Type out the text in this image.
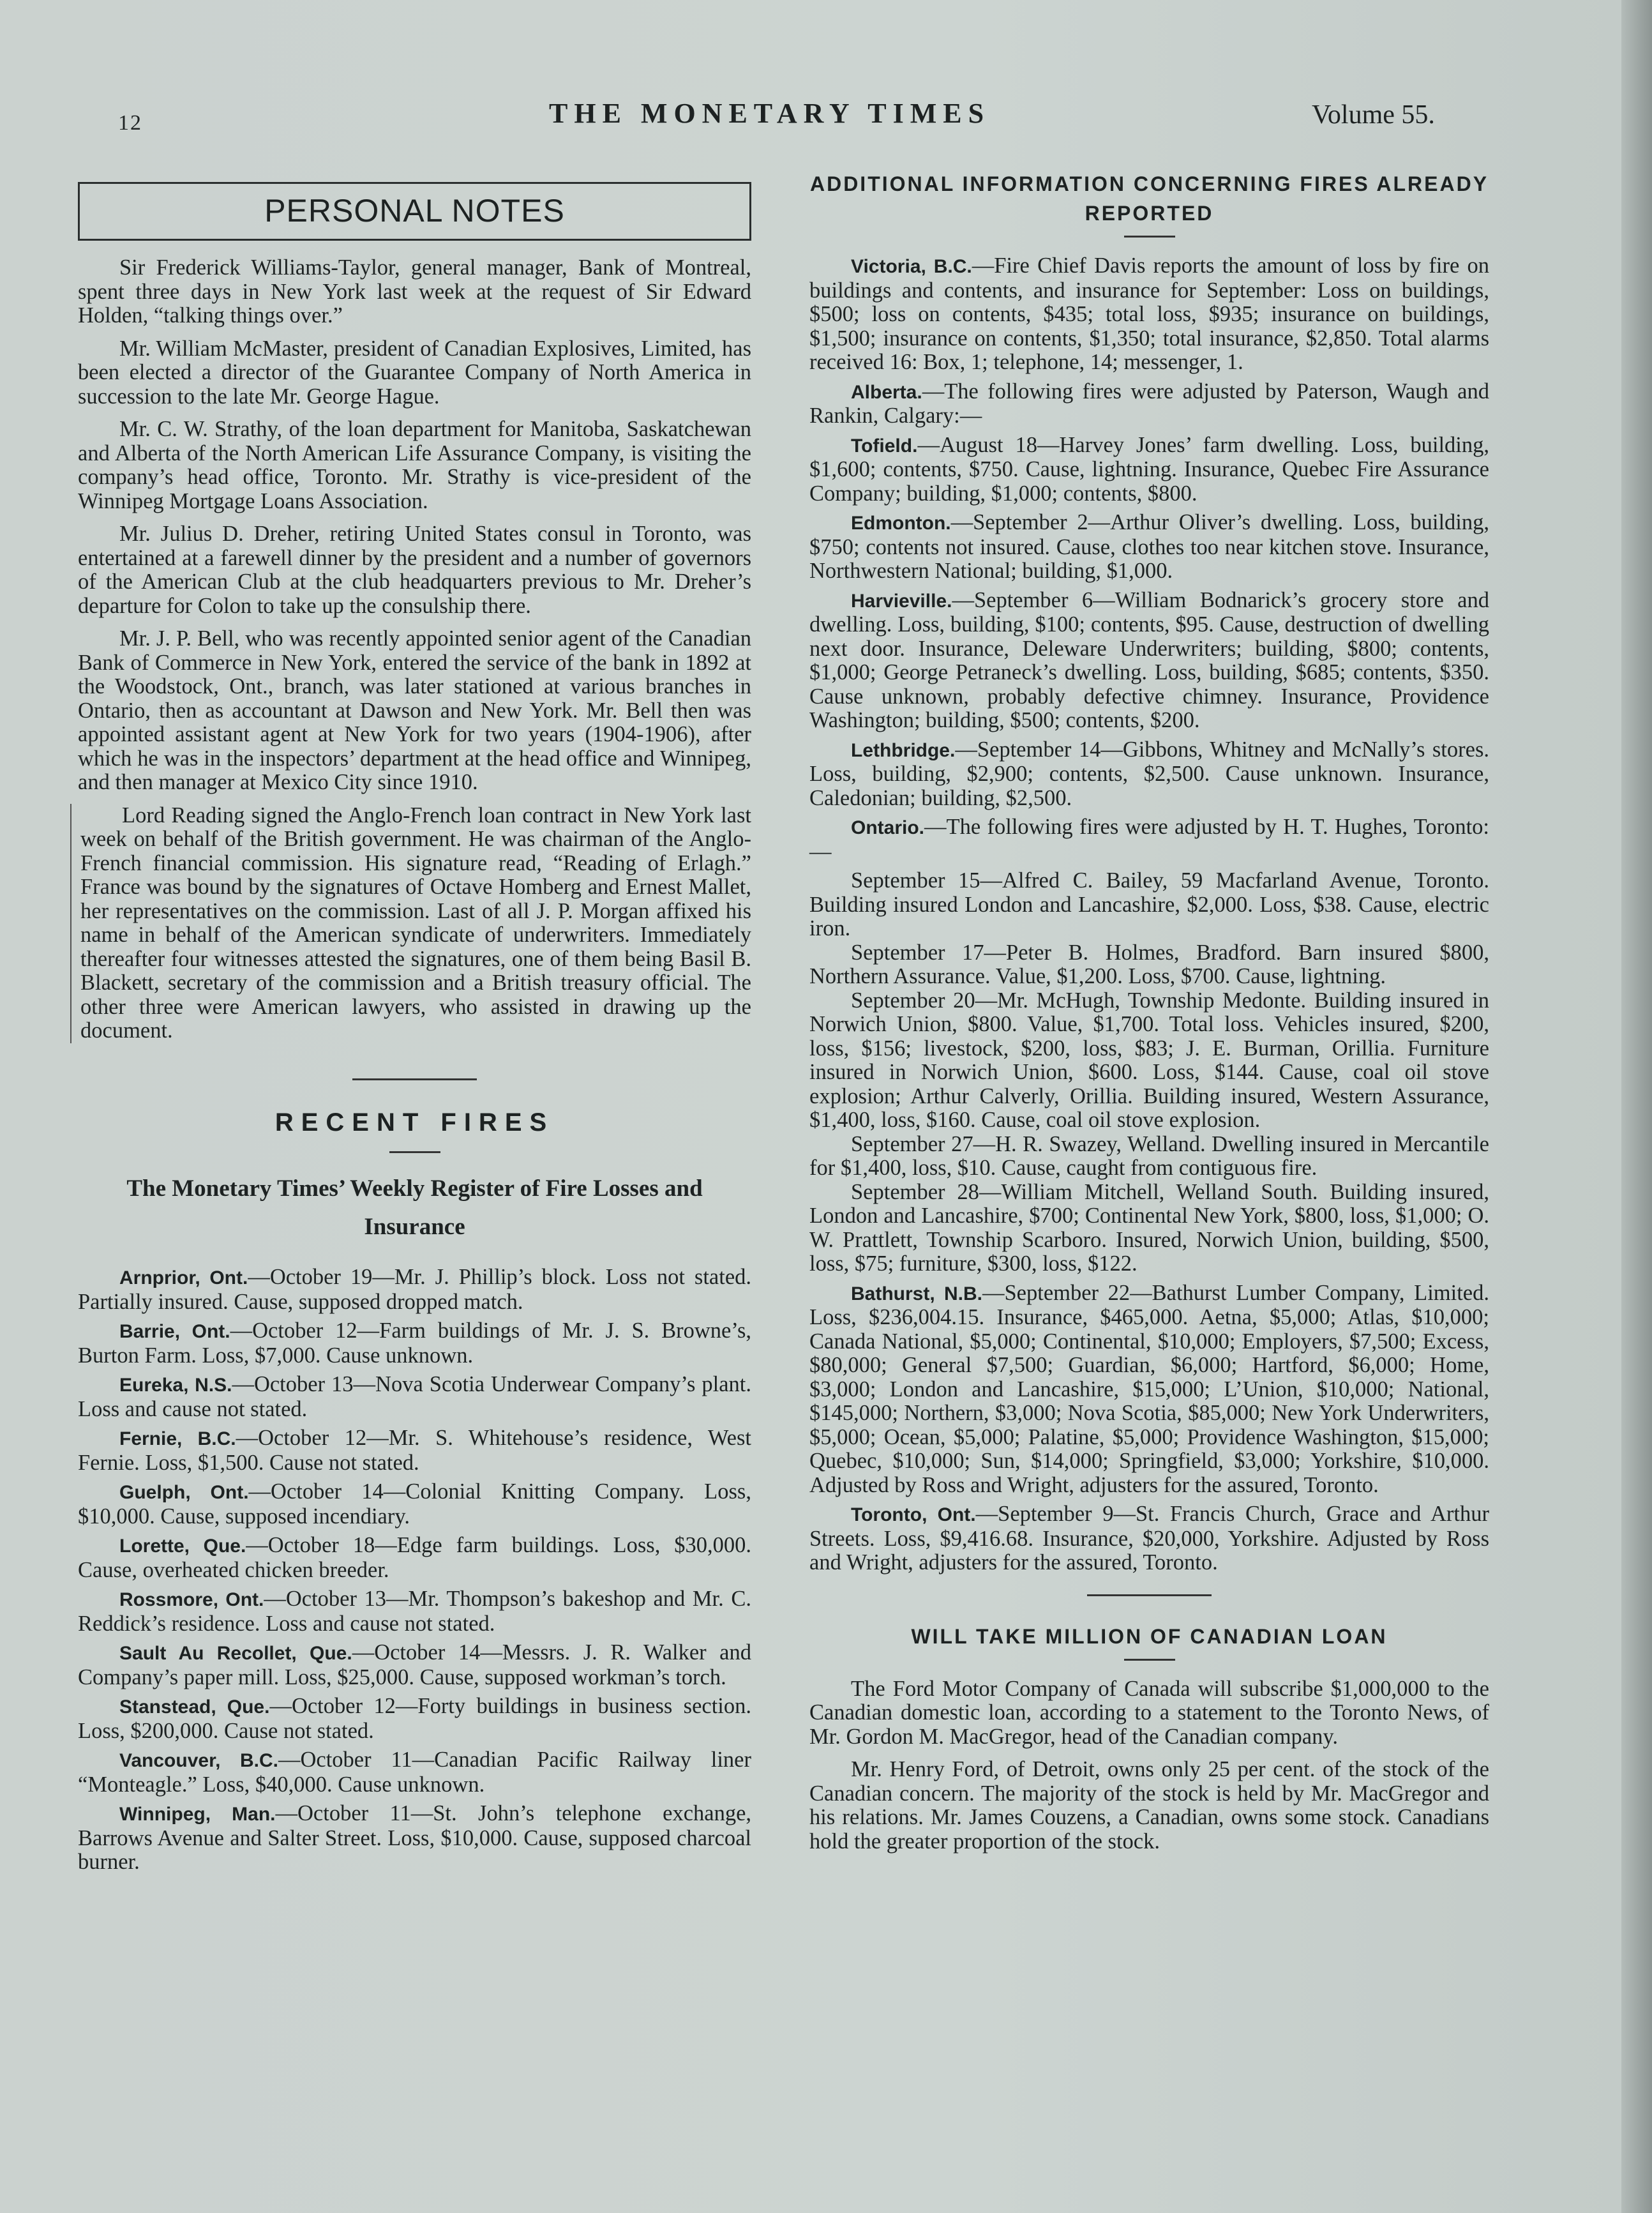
12	THE MONETARY TIMES	Volume 55.
PERSONAL NOTES

Sir Frederick Williams-Taylor, general manager, Bank of Montreal, spent three days in New York last week at the request of Sir Edward Holden, “talking things over.”

Mr. William McMaster, president of Canadian Explosives, Limited, has been elected a director of the Guarantee Company of North America in succession to the late Mr. George Hague.

Mr. C. W. Strathy, of the loan department for Manitoba, Saskatchewan and Alberta of the North American Life Assurance Company, is visiting the company’s head office, Toronto. Mr. Strathy is vice-president of the Winnipeg Mortgage Loans Association.

Mr. Julius D. Dreher, retiring United States consul in Toronto, was entertained at a farewell dinner by the president and a number of governors of the American Club at the club headquarters previous to Mr. Dreher’s departure for Colon to take up the consulship there.

Mr. J. P. Bell, who was recently appointed senior agent of the Canadian Bank of Commerce in New York, entered the service of the bank in 1892 at the Woodstock, Ont., branch, was later stationed at various branches in Ontario, then as accountant at Dawson and New York. Mr. Bell then was appointed assistant agent at New York for two years (1904-1906), after which he was in the inspectors’ department at the head office and Winnipeg, and then manager at Mexico City since 1910.

Lord Reading signed the Anglo-French loan contract in New York last week on behalf of the British government. He was chairman of the Anglo-French financial commission. His signature read, “Reading of Erlagh.” France was bound by the signatures of Octave Homberg and Ernest Mallet, her representatives on the commission. Last of all J. P. Morgan affixed his name in behalf of the American syndicate of underwriters. Immediately thereafter four witnesses attested the signatures, one of them being Basil B. Blackett, secretary of the commission and a British treasury official. The other three were American lawyers, who assisted in drawing up the document.

RECENT FIRES
The Monetary Times’ Weekly Register of Fire Losses and Insurance
Arnprior, Ont.—October 19—Mr. J. Phillip’s block. Loss not stated. Partially insured. Cause, supposed dropped match.
Barrie, Ont.—October 12—Farm buildings of Mr. J. S. Browne’s, Burton Farm. Loss, $7,000. Cause unknown.
Eureka, N.S.—October 13—Nova Scotia Underwear Company’s plant. Loss and cause not stated.
Fernie, B.C.—October 12—Mr. S. Whitehouse’s residence, West Fernie. Loss, $1,500. Cause not stated.
Guelph, Ont.—October 14—Colonial Knitting Company. Loss, $10,000. Cause, supposed incendiary.
Lorette, Que.—October 18—Edge farm buildings. Loss, $30,000. Cause, overheated chicken breeder.
Rossmore, Ont.—October 13—Mr. Thompson’s bakeshop and Mr. C. Reddick’s residence. Loss and cause not stated.
Sault Au Recollet, Que.—October 14—Messrs. J. R. Walker and Company’s paper mill. Loss, $25,000. Cause, supposed workman’s torch.
Stanstead, Que.—October 12—Forty buildings in business section. Loss, $200,000. Cause not stated.
Vancouver, B.C.—October 11—Canadian Pacific Railway liner “Monteagle.” Loss, $40,000. Cause unknown.
Winnipeg, Man.—October 11—St. John’s telephone exchange, Barrows Avenue and Salter Street. Loss, $10,000. Cause, supposed charcoal burner.
ADDITIONAL INFORMATION CONCERNING FIRES ALREADY REPORTED
Victoria, B.C.—Fire Chief Davis reports the amount of loss by fire on buildings and contents, and insurance for September: Loss on buildings, $500; loss on contents, $435; total loss, $935; insurance on buildings, $1,500; insurance on contents, $1,350; total insurance, $2,850. Total alarms received 16: Box, 1; telephone, 14; messenger, 1.
Alberta.—The following fires were adjusted by Paterson, Waugh and Rankin, Calgary:—
Tofield.—August 18—Harvey Jones’ farm dwelling. Loss, building, $1,600; contents, $750. Cause, lightning. Insurance, Quebec Fire Assurance Company; building, $1,000; contents, $800.
Edmonton.—September 2—Arthur Oliver’s dwelling. Loss, building, $750; contents not insured. Cause, clothes too near kitchen stove. Insurance, Northwestern National; building, $1,000.
Harvieville.—September 6—William Bodnarick’s grocery store and dwelling. Loss, building, $100; contents, $95. Cause, destruction of dwelling next door. Insurance, Deleware Underwriters; building, $800; contents, $1,000; George Petraneck’s dwelling. Loss, building, $685; contents, $350. Cause unknown, probably defective chimney. Insurance, Providence Washington; building, $500; contents, $200.
Lethbridge.—September 14—Gibbons, Whitney and McNally’s stores. Loss, building, $2,900; contents, $2,500. Cause unknown. Insurance, Caledonian; building, $2,500.
Ontario.—The following fires were adjusted by H. T. Hughes, Toronto:—
September 15—Alfred C. Bailey, 59 Macfarland Avenue, Toronto. Building insured London and Lancashire, $2,000. Loss, $38. Cause, electric iron.
September 17—Peter B. Holmes, Bradford. Barn insured $800, Northern Assurance. Value, $1,200. Loss, $700. Cause, lightning.
September 20—Mr. McHugh, Township Medonte. Building insured in Norwich Union, $800. Value, $1,700. Total loss. Vehicles insured, $200, loss, $156; livestock, $200, loss, $83; J. E. Burman, Orillia. Furniture insured in Norwich Union, $600. Loss, $144. Cause, coal oil stove explosion; Arthur Calverly, Orillia. Building insured, Western Assurance, $1,400, loss, $160. Cause, coal oil stove explosion.
September 27—H. R. Swazey, Welland. Dwelling insured in Mercantile for $1,400, loss, $10. Cause, caught from contiguous fire.
September 28—William Mitchell, Welland South. Building insured, London and Lancashire, $700; Continental New York, $800, loss, $1,000; O. W. Prattlett, Township Scarboro. Insured, Norwich Union, building, $500, loss, $75; furniture, $300, loss, $122.
Bathurst, N.B.—September 22—Bathurst Lumber Company, Limited. Loss, $236,004.15. Insurance, $465,000. Aetna, $5,000; Atlas, $10,000; Canada National, $5,000; Continental, $10,000; Employers, $7,500; Excess, $80,000; General $7,500; Guardian, $6,000; Hartford, $6,000; Home, $3,000; London and Lancashire, $15,000; L’Union, $10,000; National, $145,000; Northern, $3,000; Nova Scotia, $85,000; New York Underwriters, $5,000; Ocean, $5,000; Palatine, $5,000; Providence Washington, $15,000; Quebec, $10,000; Sun, $14,000; Springfield, $3,000; Yorkshire, $10,000. Adjusted by Ross and Wright, adjusters for the assured, Toronto.
Toronto, Ont.—September 9—St. Francis Church, Grace and Arthur Streets. Loss, $9,416.68. Insurance, $20,000, Yorkshire. Adjusted by Ross and Wright, adjusters for the assured, Toronto.
WILL TAKE MILLION OF CANADIAN LOAN

The Ford Motor Company of Canada will subscribe $1,000,000 to the Canadian domestic loan, according to a statement to the Toronto News, of Mr. Gordon M. MacGregor, head of the Canadian company.

Mr. Henry Ford, of Detroit, owns only 25 per cent. of the stock of the Canadian concern. The majority of the stock is held by Mr. MacGregor and his relations. Mr. James Couzens, a Canadian, owns some stock. Canadians hold the greater proportion of the stock.
